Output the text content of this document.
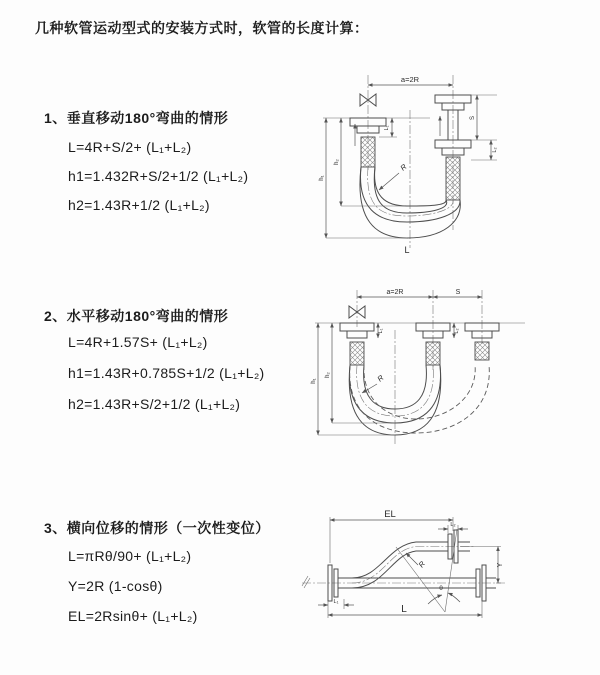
几种软管运动型式的安装方式时，软管的长度计算：
1、垂直移动180°弯曲的情形
L=4R+S/2+ (L₁+L₂)
h1=1.432R+S/2+1/2 (L₁+L₂)
h2=1.43R+1/2 (L₁+L₂)
2、水平移动180°弯曲的情形
L=4R+1.57S+ (L₁+L₂)
h1=1.43R+0.785S+1/2 (L₁+L₂)
h2=1.43R+S/2+1/2 (L₁+L₂)
3、横向位移的情形（一次性变位）
L=πRθ/90+ (L₁+L₂)
Y=2R (1-cosθ)
EL=2Rsinθ+ (L₁+L₂)
a=2R
L₁
S
L₂
h₁
h₂
R
L
a=2R	S
L₁	L₂
h₁
h₂	R
EL
L₂
θ
R	Y
L₁
L
